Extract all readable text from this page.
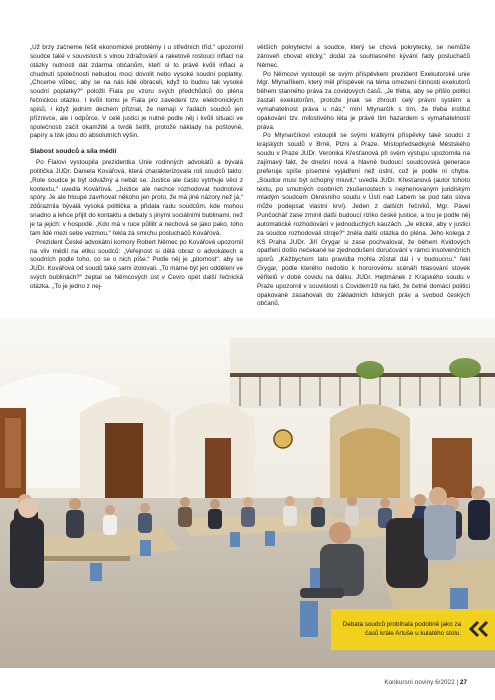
„Už brzy začneme řešit ekonomické problémy i u středních tříd,“ upozornil soudce také v souvislosti s vinou zdražování a raketově rostoucí inflací na otázky nutnosti dát zdarma občanům, kteří si to právě kvůli inflaci a chudnutí společnosti nebudou moci dovolit nebo vysoké soudní poplatky. „Chceme vůbec, aby se na nás lidé obraceli, když to budou tak vysoké soudní poplatky?“ položil Fiala po vzoru svých předchůdců do pléna řečnickou otázku. I kvůli tomu je Fiala pro zavedení tzv. elektronických spisů, i když jedním dechem přiznal, že nemají v řadách soudců jen příznivce, ale i odpůrce. V celé justici je nutné podle něj i kvůli situaci ve společnosti začít okamžitě a tvrdě šetřit, protože náklady na poštovné, papíry a tisk jdou do absolutních výšin.

Slabost soudců a síla médií

Po Fialovi vystoupila prezidentka Unie rodinných advokátů a bývalá politička JUDr. Daniela Kovářová, která charakterizovala roli soudců takto: „Role soudce je být odvážný a nebát se. Justice ale často vytrhuje věci z kontextu,“ uvedla Kovářová. „Justice ale nechce rozhodovat hodnotové spory. Je ale hloupé zavrhovat někoho jen proto, že má jiné názory než já,“ zdůraznila bývalá vysoká politička a přidala radu soudcům, kde mohou snadno a lehce přijít do kontaktu a debaty s jinými sociálními bublinami, než je ta jejich: v hospodě. „Kdo má v ruce půllitr a nechová se jako pako, toho tam lidé mezi sebe vezmou,“ řekla za smíchu posluchačů Kovářová.

Prezident České advokátní komory Robert Němec po Kovářové upozornil na vliv médií na etiku soudců: „Veřejnost si dělá obraz o advokátech a soudních podle toho, co se o nich píše.“ Podle něj je „pitomost“, aby se JUDr. Kovářová od soudů také sami izolovali. „To máme být jen oddělení ve svých bublinách?“ zeptal se Němcových úst v Cevro opět další řečnická otázka. „To je jedno z nej-

větších pokrytectví a soudce, který se chová pokrytecky, se nemůže zároveň chovat eticky,“ dodal za souhlasného kývání řady posluchačů Němec.

Po Němcovi vystoupil se svým příspěvkem prezident Exekutorské unie Mgr. Mlynaříkem, který měl příspěvek na téma omezení činnosti exekutorů během stanného práva za covidových časů. „Je třeba, aby se přišlo politici zastali exekutorům, protože jinak se zhroutí celý právní systém a vymahatelnost práva u nás,“ míní Mlynarčík s tím, že třeba institut opakování tzv. milostivého léta je právě tím hazardem s vymahatelností práva.

Po Mlynarčíkovi vstoupili se svými krátkými příspěvky také soudci z krajských soudů v Brně, Plzni a Praze. Místopředsedkyně Městského soudu v Praze JUDr. Veronika Křesťanová při svém výstupu upozornila na zajímavý fakt, že dnešní nová a hlavně budoucí soudcovská generace preferuje spíše písemné vyjádření než ústní, což je podle ní chyba. „Soudce musí být schopný mluvit,“ uvedla JUDr. Křesťanová (autor tohoto textu, po smutných osobních zkušenostech s nejmenovaným juridiským mladým soudcem Okresního soudu v Ústí nad Labem se pod tato slova může podepsat vlastní krví). Jeden z dalších řečníků, Mgr. Pavel Punčochář zase zmínil další budoucí riziko české justice, a tou je podle něj automatické rozhodování v jednoduchých kauzách. „Je etické, aby v justici za soudce rozhodovali stroje?“ zněla další otázka do pléna. Jeho kolega z KS Praha JUDr. Jiří Grygar si zase pochvaloval, že během Kvidových opatření došlo nečekaně ke zjednodušení doručování v rámci insolvenčních sporů. „Kéžbychom tato pravidla mohla zůstat dál i v budoucnu,“ řekl Grygar, podle kterého nedošlo k hororovému scénáři hlasování stovek věřitelů v době covidu na dálku. JUDr. Hejtmánek z Krajského soudu v Praze upozornil v souvislosti s Covidem19 na fakt, že četné domácí politici opakovaně zasahovali do základních lidských práv a svobod českých občanů.

Debata soudců probíhala podobně jako za časů krále Artuše u kulatého stolu.
Konkursní noviny 6/2022 | 27
